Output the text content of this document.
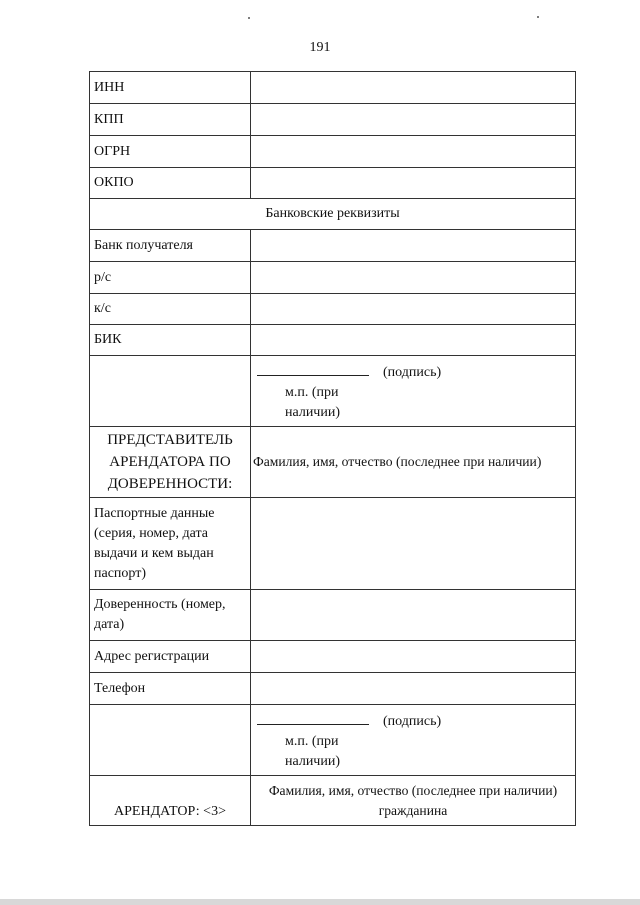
191
ИНН	
КПП	
ОГРН	
ОКПО	
Банковские реквизиты	
Банк получателя	
р/с	
к/с	
БИК	

	(подпись)
м.п. (при
наличии)

ПРЕДСТАВИТЕЛЬ
АРЕНДАТОРА ПО
ДОВЕРЕННОСТИ:	Фамилия, имя, отчество (последнее при наличии)
Паспортные данные (серия, номер, дата выдачи и кем выдан паспорт)	
Доверенность (номер, дата)	
Адрес регистрации	
Телефон	

	(подпись)
м.п. (при
наличии)

АРЕНДАТОР: <3>	Фамилия, имя, отчество (последнее при наличии)
гражданина
